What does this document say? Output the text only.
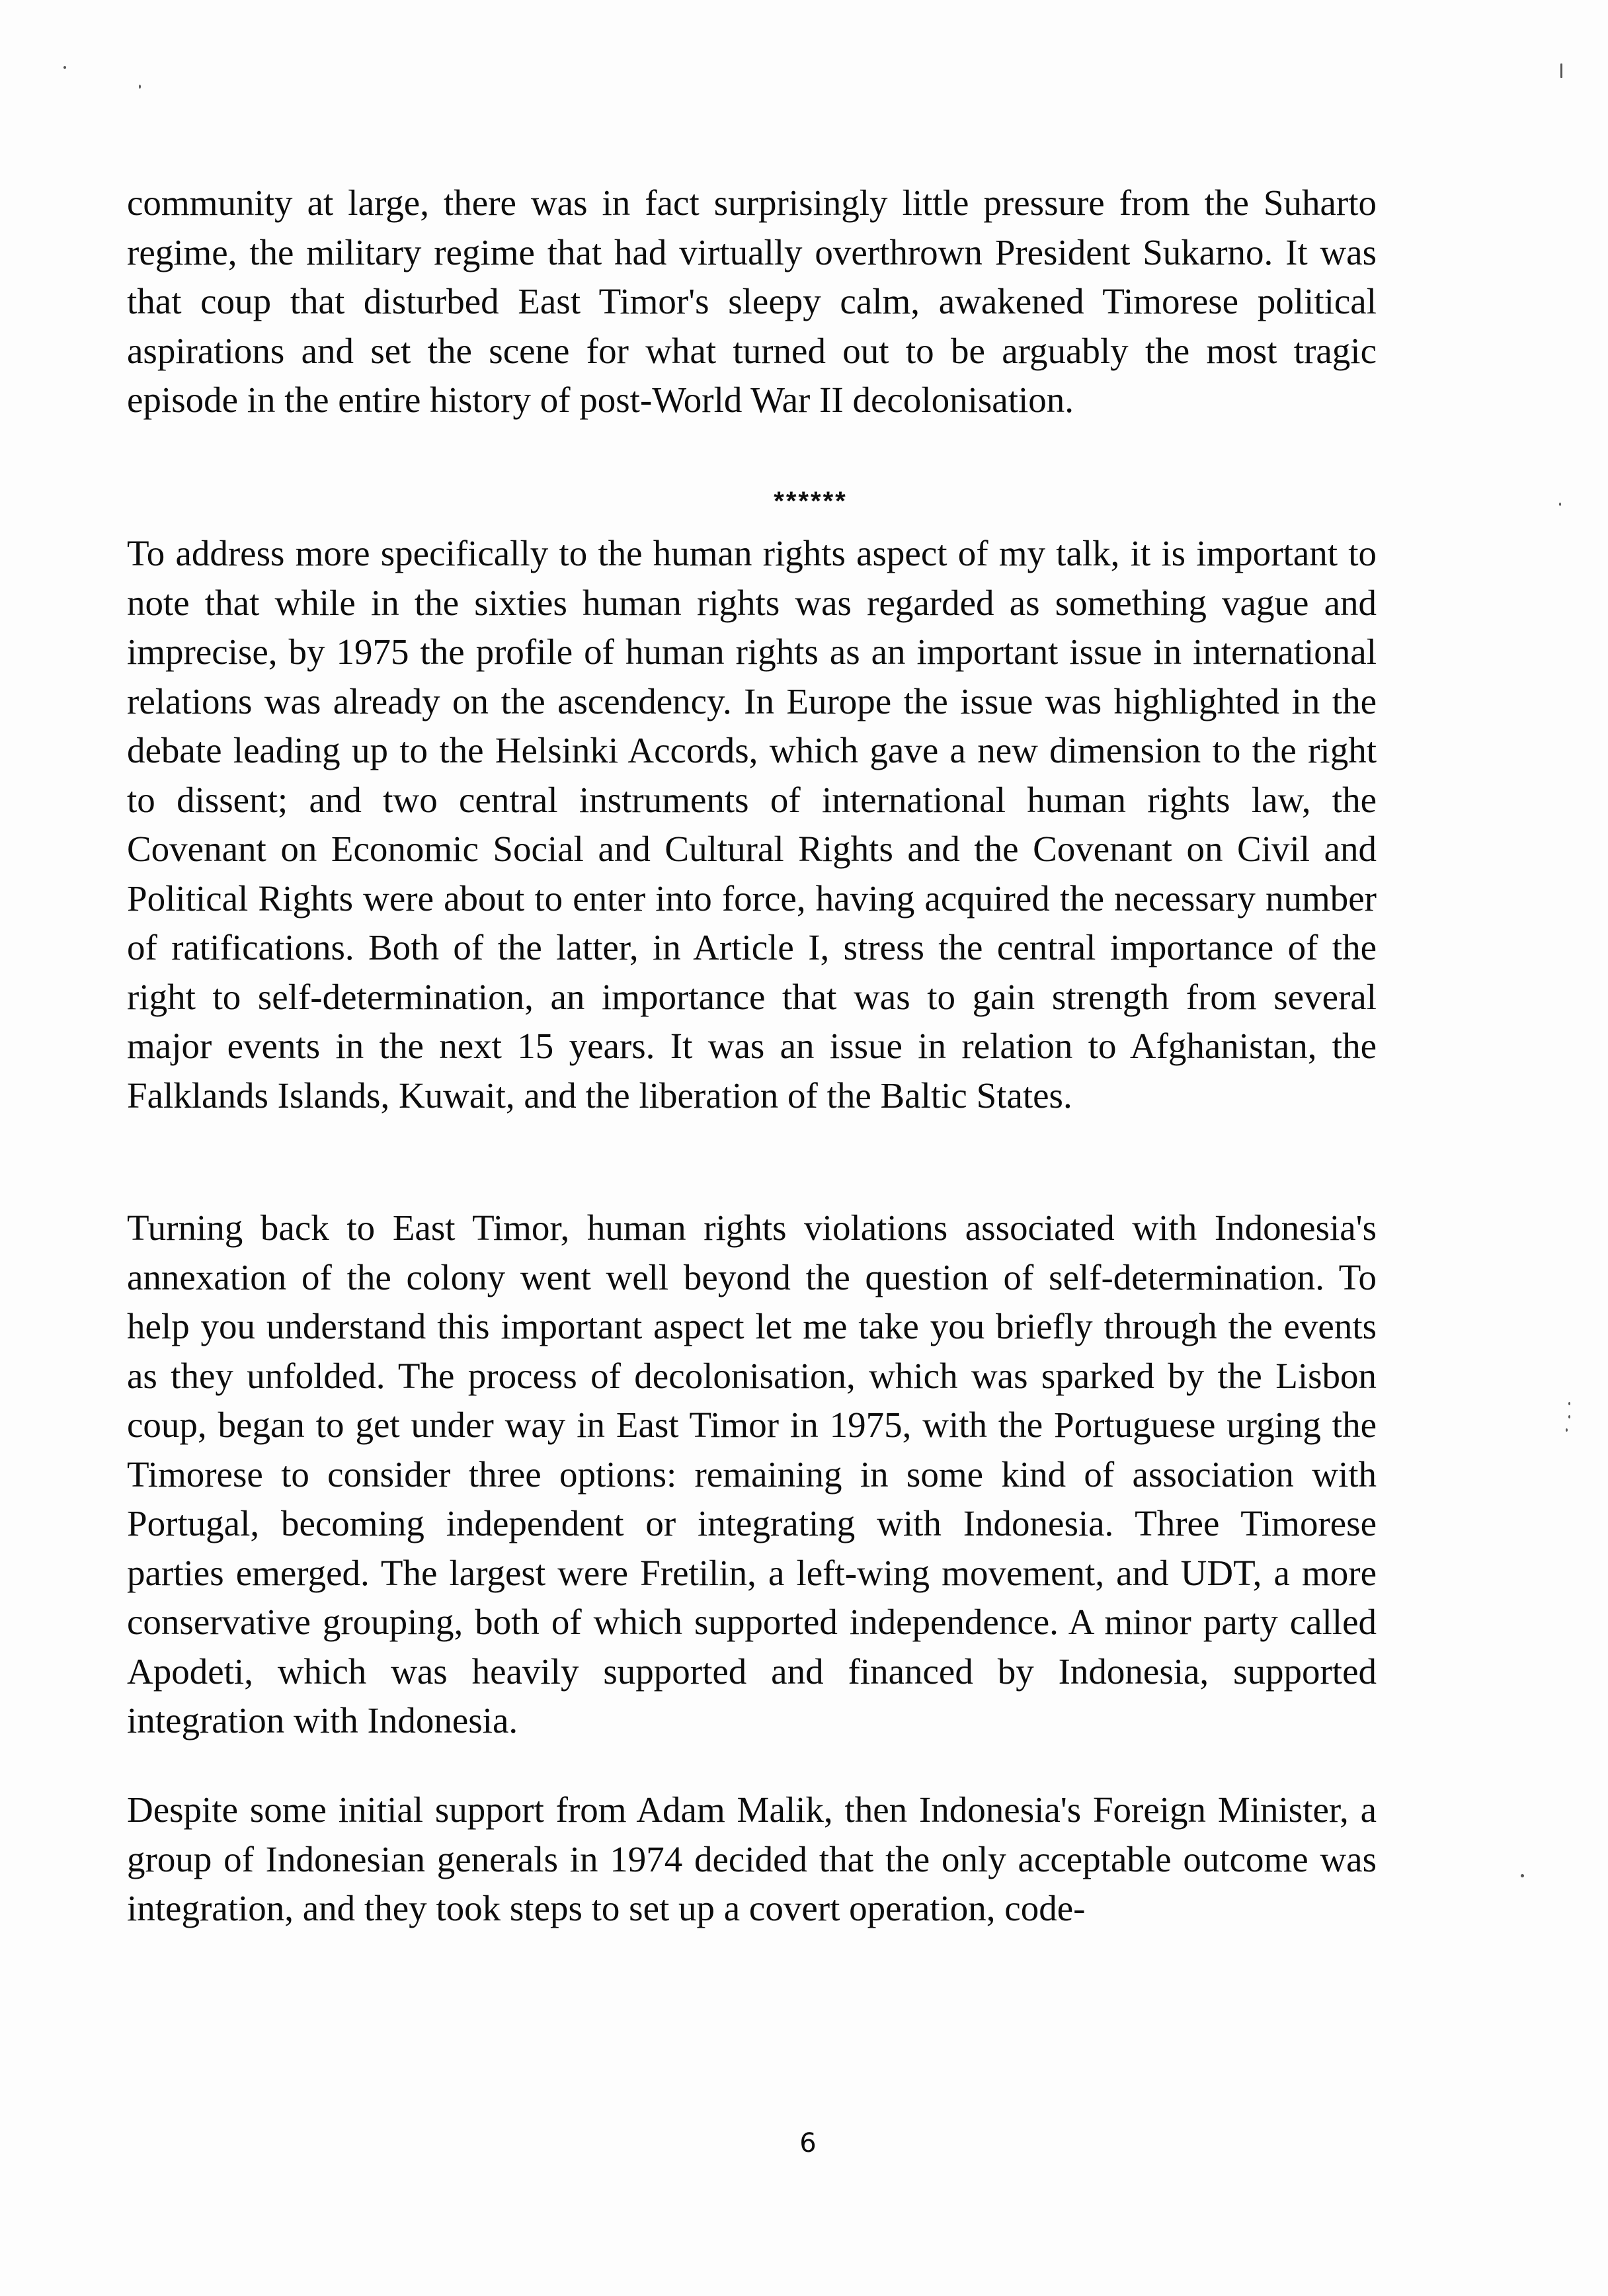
community at large, there was in fact surprisingly little pressure from the Suharto regime, the military regime that had virtually overthrown President Sukarno. It was that coup that disturbed East Timor's sleepy calm, awakened Timorese political aspirations and set the scene for what turned out to be arguably the most tragic episode in the entire history of post-World War II decolonisation.

******

To address more specifically to the human rights aspect of my talk, it is important to note that while in the sixties human rights was regarded as something vague and imprecise, by 1975 the profile of human rights as an important issue in international relations was already on the ascendency. In Europe the issue was highlighted in the debate leading up to the Helsinki Accords, which gave a new dimension to the right to dissent; and two central instruments of international human rights law, the Covenant on Economic Social and Cultural Rights and the Covenant on Civil and Political Rights were about to enter into force, having acquired the necessary number of ratifications. Both of the latter, in Article I, stress the central importance of the right to self-determination, an importance that was to gain strength from several major events in the next 15 years. It was an issue in relation to Afghanistan, the Falklands Islands, Kuwait, and the liberation of the Baltic States.

Turning back to East Timor, human rights violations associated with Indonesia's annexation of the colony went well beyond the question of self-determination. To help you understand this important aspect let me take you briefly through the events as they unfolded. The process of decolonisation, which was sparked by the Lisbon coup, began to get under way in East Timor in 1975, with the Portuguese urging the Timorese to consider three options: remaining in some kind of association with Portugal, becoming independent or integrating with Indonesia. Three Timorese parties emerged. The largest were Fretilin, a left-wing movement, and UDT, a more conservative grouping, both of which supported independence. A minor party called Apodeti, which was heavily supported and financed by Indonesia, supported integration with Indonesia.

Despite some initial support from Adam Malik, then Indonesia's Foreign Minister, a group of Indonesian generals in 1974 decided that the only acceptable outcome was integration, and they took steps to set up a covert operation, code-

6
